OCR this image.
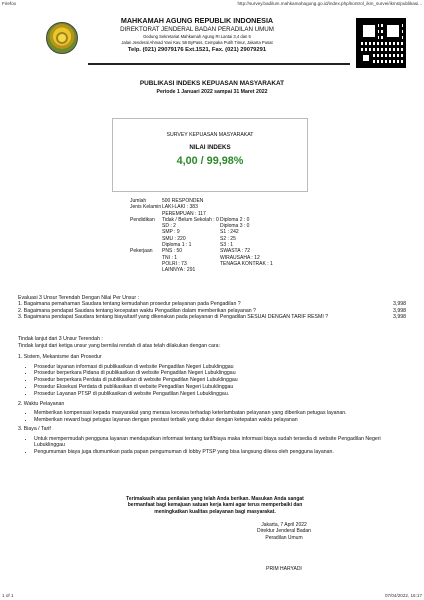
Firefox	http://survey.badilum.mahkamahagung.go.id/index.php/kontrol_ikm_survei/ikms/publikasi...
MAHKAMAH AGUNG REPUBLIK INDONESIA
DIREKTORAT JENDERAL BADAN PERADILAN UMUM
Gedung Sekretariat Mahkamah Agung RI Lantai 3,4 dan 5
Jalan Jenderal Ahmad Yani Kav. 58 ByPass, Cempaka Putih Timur, Jakarta Pusat
Telp. (021) 29079176 Ext.1521, Fax. (021) 29079291
PUBLIKASI INDEKS KEPUASAN MASYARAKAT
Periode 1 Januari 2022 sampai 31 Maret 2022
SURVEY KEPUASAN MASYARAKAT
NILAI INDEKS
4,00 / 99,98%
Jumlah	500 RESPONDEN
Jenis Kelamin LAKI-LAKI : 383
PEREMPUAN : 117
Pendidikan	Tidak / Belum Sekolah : 0 Diploma 2 : 0
SD : 2	Diploma 3 : 0
SMP : 9	S1 : 242
SMU : 220	S2 : 25
Diploma 1 : 1	S3 : 1
Pekerjaan	PNS : 50	SWASTA : 72
TNI : 1	WIRAUSAHA : 12
POLRI : 73	TENAGA KONTRAK : 1
LAINNYA : 291
Evaluasi 3 Unsur Terendah Dengan Nilai Per Unsur :
1. Bagaimana pemahaman Saudara tentang kemudahan prosedur pelayanan pada Pengadilan ?	3,998
2. Bagaimana pendapat Saudara tentang kecepatan waktu Pengadilan dalam memberikan pelayanan ?	3,998
3. Bagaimana pendapat Saudara tentang biaya/tarif yang dikenakan pada pelayanan di Pengadilan SESUAI DENGAN TARIF RESMI ?	3,998
Tindak lanjut dari 3 Unsur Terendah :
Tindak lanjut dari ketiga unsur yang bernilai rendah di atas telah dilakukan dengan cara:
1. Sistem, Mekanisme dan Prosedur
• Prosedur layanan informasi di publikasikan di website Pengadilan Negeri Lubuklinggau
• Prosedur berperkara Pidana di publikasikan di website Pengadilan Negeri Lubuklinggau
• Prosedur berperkara Perdata di publikasikan di website Pengadilan Negeri Lubuklinggau
• Prosedur Eksekusi Perdata di publikasikan di website Pengadilan Negeri Lubuklinggau
• Prosedur Layanan PTSP di publikasikan di website Pengadilan Negeri Lubuklinggau.
2. Waktu Pelayanan
• Memberikan kompensasi kepada masyarakat yang merasa kecewa terhadap keterlambatan pelayanan yang diberikan petugas layanan.
• Memberikan reward bagi petugas layanan dengan prestasi terbaik yang diukur dengan ketepatan waktu pelayanan
3. Biaya / Tarif
• Untuk mempermudah pengguna layanan mendapatkan informasi tentang tarif/biaya maka informasi biaya sudah tersedia di website Pengadilan Negeri Lubuklinggau
• Pengumuman biaya juga diumumkan pada papan pengumuman di lobby PTSP yang bisa langsung dilexa oleh pengguna layanan.
Terimakasih atas penilaian yang telah Anda berikan. Masukan Anda sangat
bermanfaat bagi kemajuan satuan kerja kami agar terus memperbaiki dan
meningkatkan kualitas pelayanan bagi masyarakat.
Jakarta, 7 April 2022
Direktur Jenderal Badan
Peradilan Umum
PRIM HARYADI
1 of 1	07/04/2022, 16:17
